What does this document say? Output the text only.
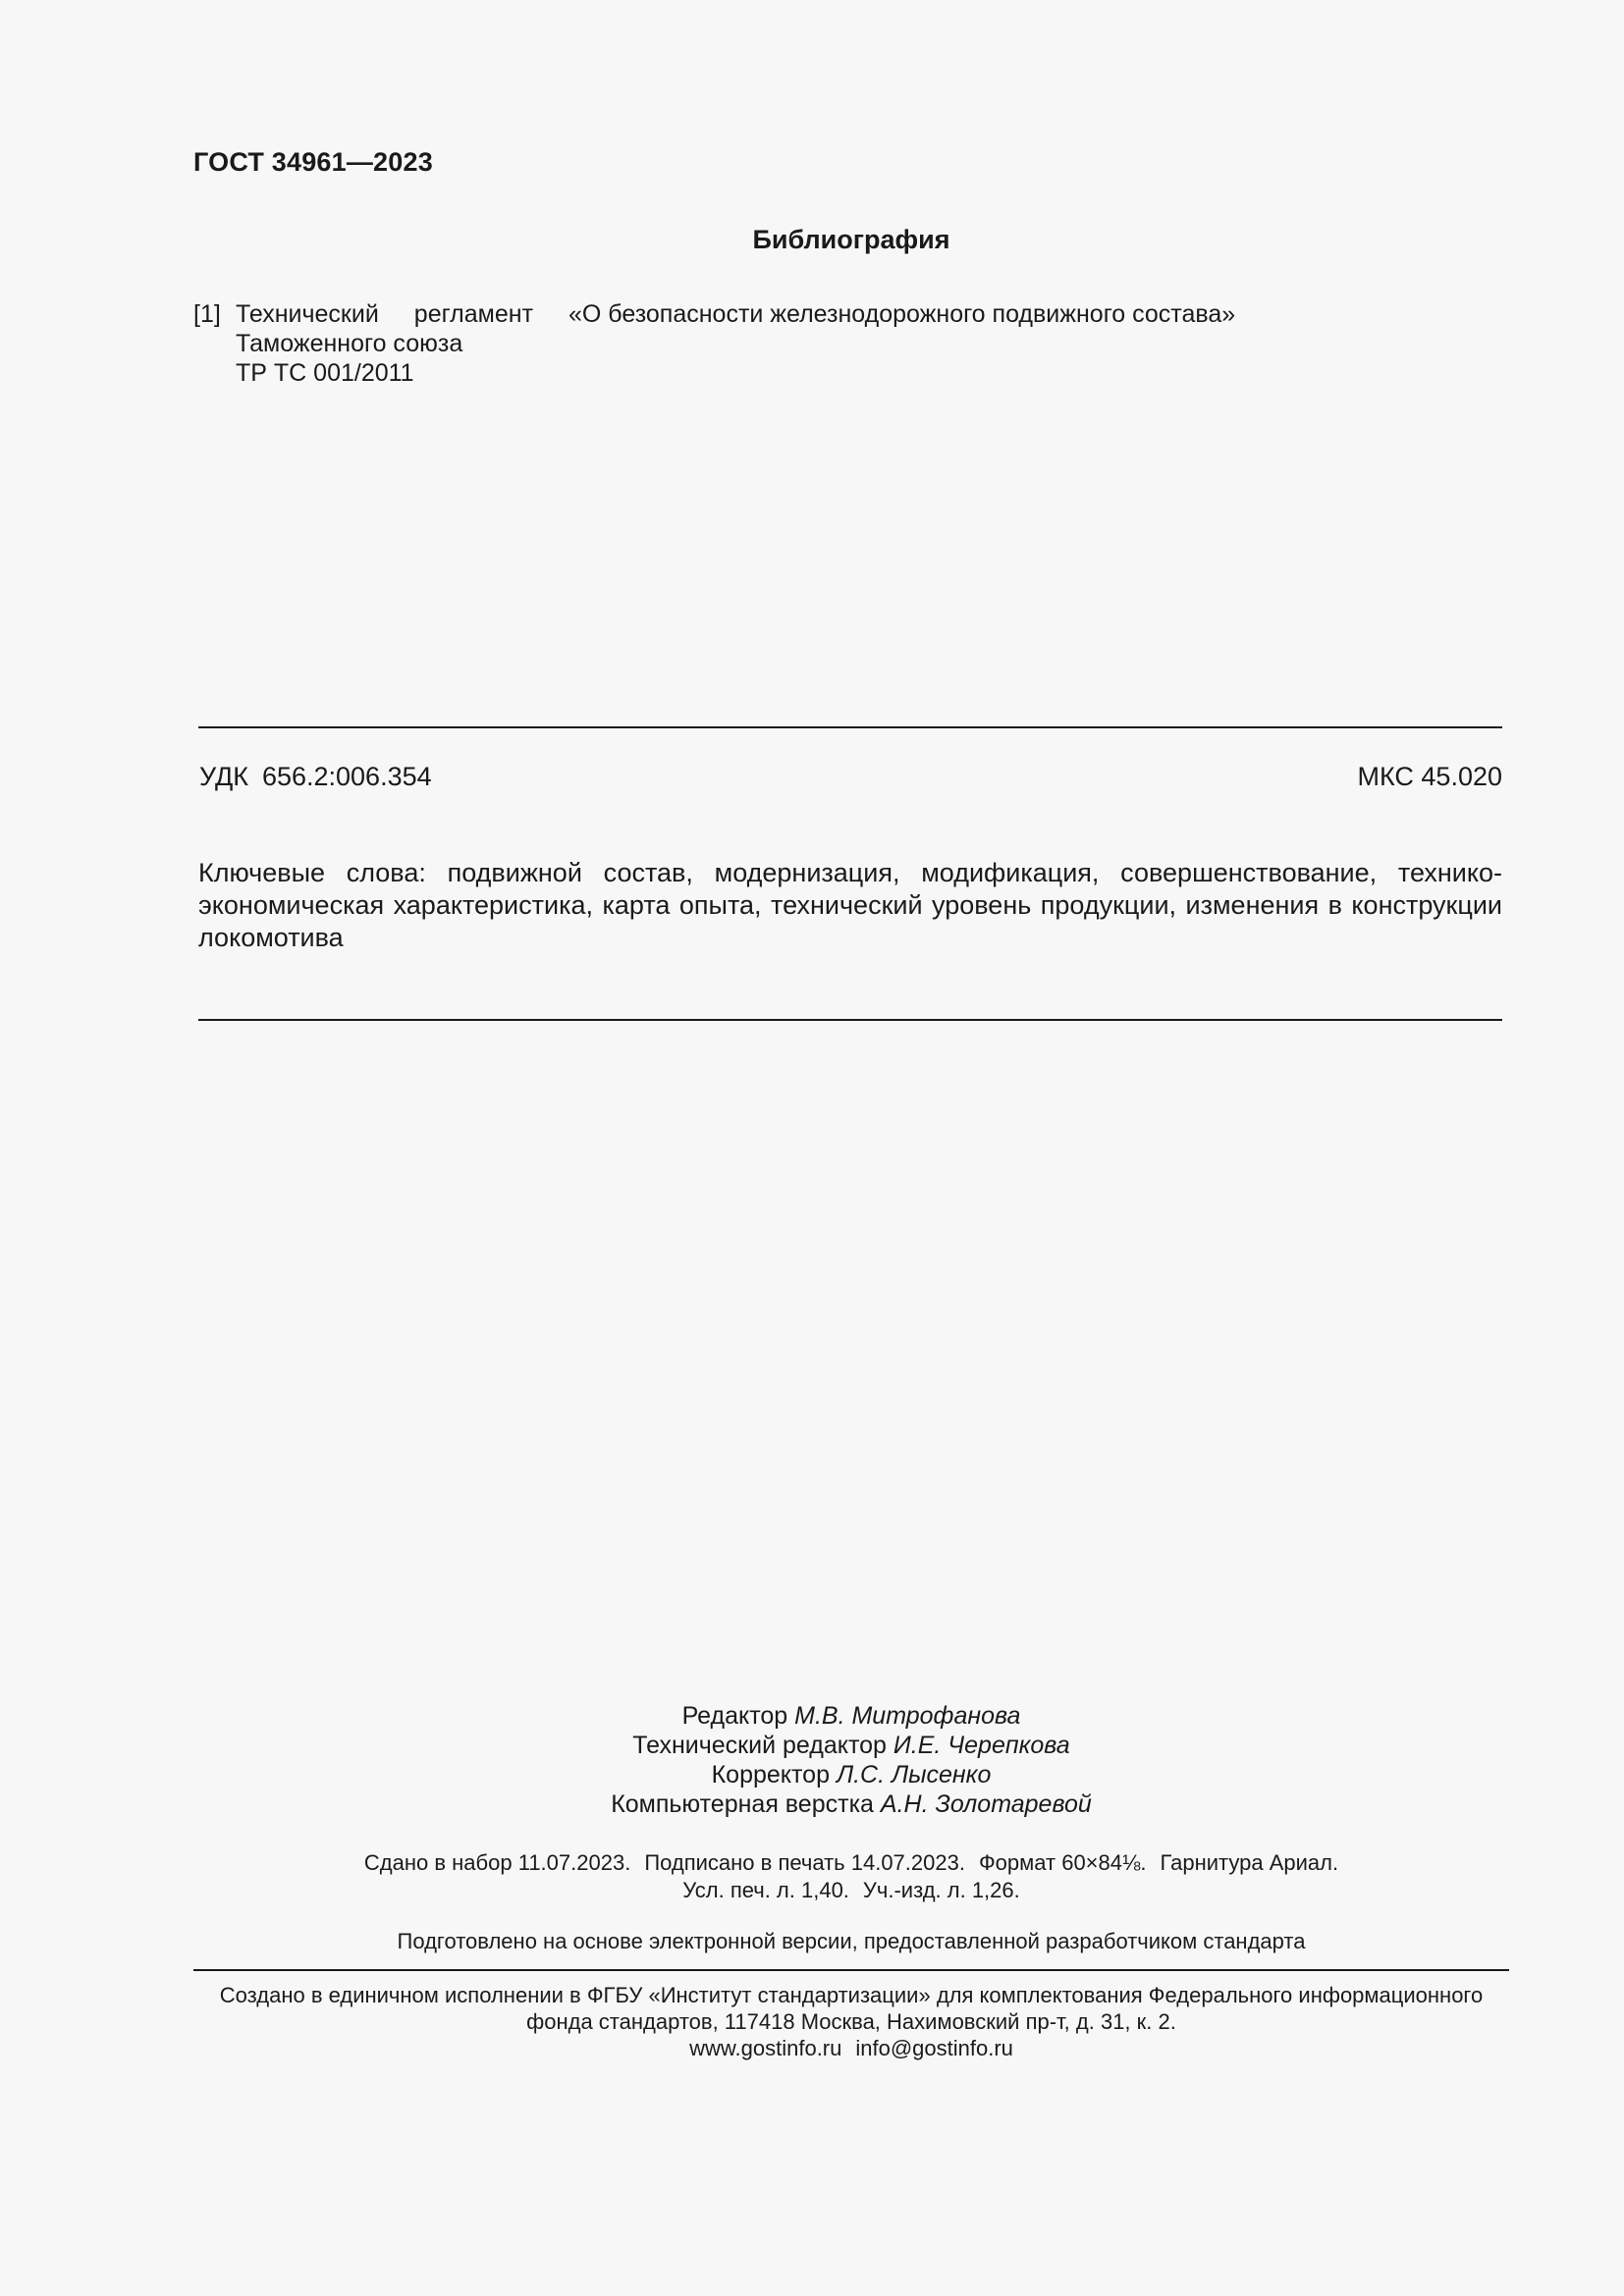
ГОСТ 34961—2023
Библиография
[1] Технический регламент «О безопасности железнодорожного подвижного состава»
Таможенного союза
ТР ТС 001/2011
УДК 656.2:006.354	МКС 45.020
Ключевые слова: подвижной состав, модернизация, модификация, совершенствование, технико-экономическая характеристика, карта опыта, технический уровень продукции, изменения в конструкции локомотива
Редактор М.В. Митрофанова
Технический редактор И.Е. Черепкова
Корректор Л.С. Лысенко
Компьютерная верстка А.Н. Золотаревой
Сдано в набор 11.07.2023. Подписано в печать 14.07.2023. Формат 60×84⅛. Гарнитура Ариал.
Усл. печ. л. 1,40. Уч.-изд. л. 1,26.
Подготовлено на основе электронной версии, предоставленной разработчиком стандарта
Создано в единичном исполнении в ФГБУ «Институт стандартизации» для комплектования Федерального информационного
фонда стандартов, 117418 Москва, Нахимовский пр-т, д. 31, к. 2.
www.gostinfo.ru info@gostinfo.ru
